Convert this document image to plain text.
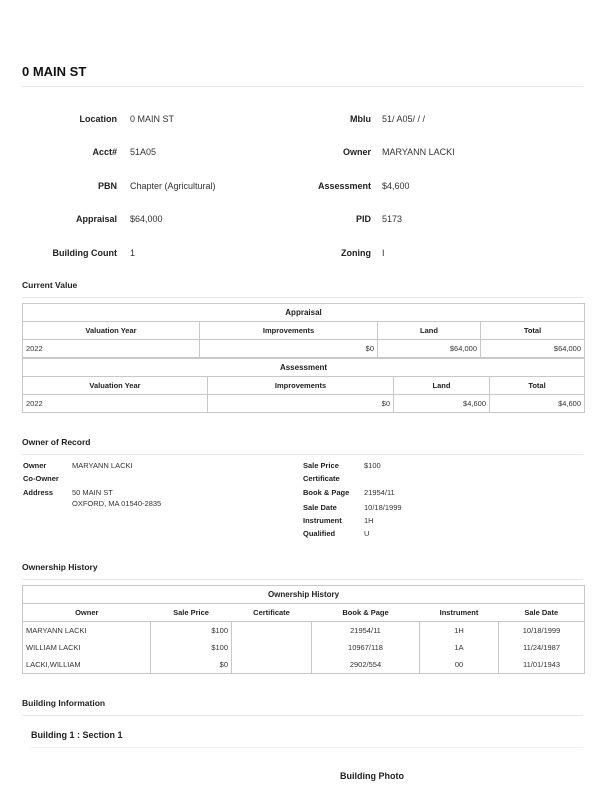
0 MAIN ST
Location 0 MAIN ST
Acct# 51A05
PBN Chapter (Agricultural)
Appraisal $64,000
Building Count 1
Mblu 51/ A05/ / /
Owner MARYANN LACKI
Assessment $4,600
PID 5173
Zoning I
Current Value
Appraisal			
Valuation Year	Improvements	Land	Total
2022	$0	$64,000	$64,000
Assessment			
Valuation Year	Improvements	Land	Total
2022	$0	$4,600	$4,600
Owner of Record
Owner	MARYANN LACKI
Co-Owner
Address	50 MAIN ST
OXFORD, MA 01540-2835
Sale Price	$100
Certificate
Book & Page 21954/11
Sale Date	10/18/1999
Instrument	1H
Qualified	U
Ownership History
Ownership History					
Owner	Sale Price	Certificate	Book & Page	Instrument	Sale Date
MARYANN LACKI	$100		21954/11	1H	10/18/1999
WILLIAM LACKI	$100		10967/118	1A	11/24/1987
LACKI,WILLIAM	$0		2902/554	00	11/01/1943
Building Information
Building 1 : Section 1
Building Photo
